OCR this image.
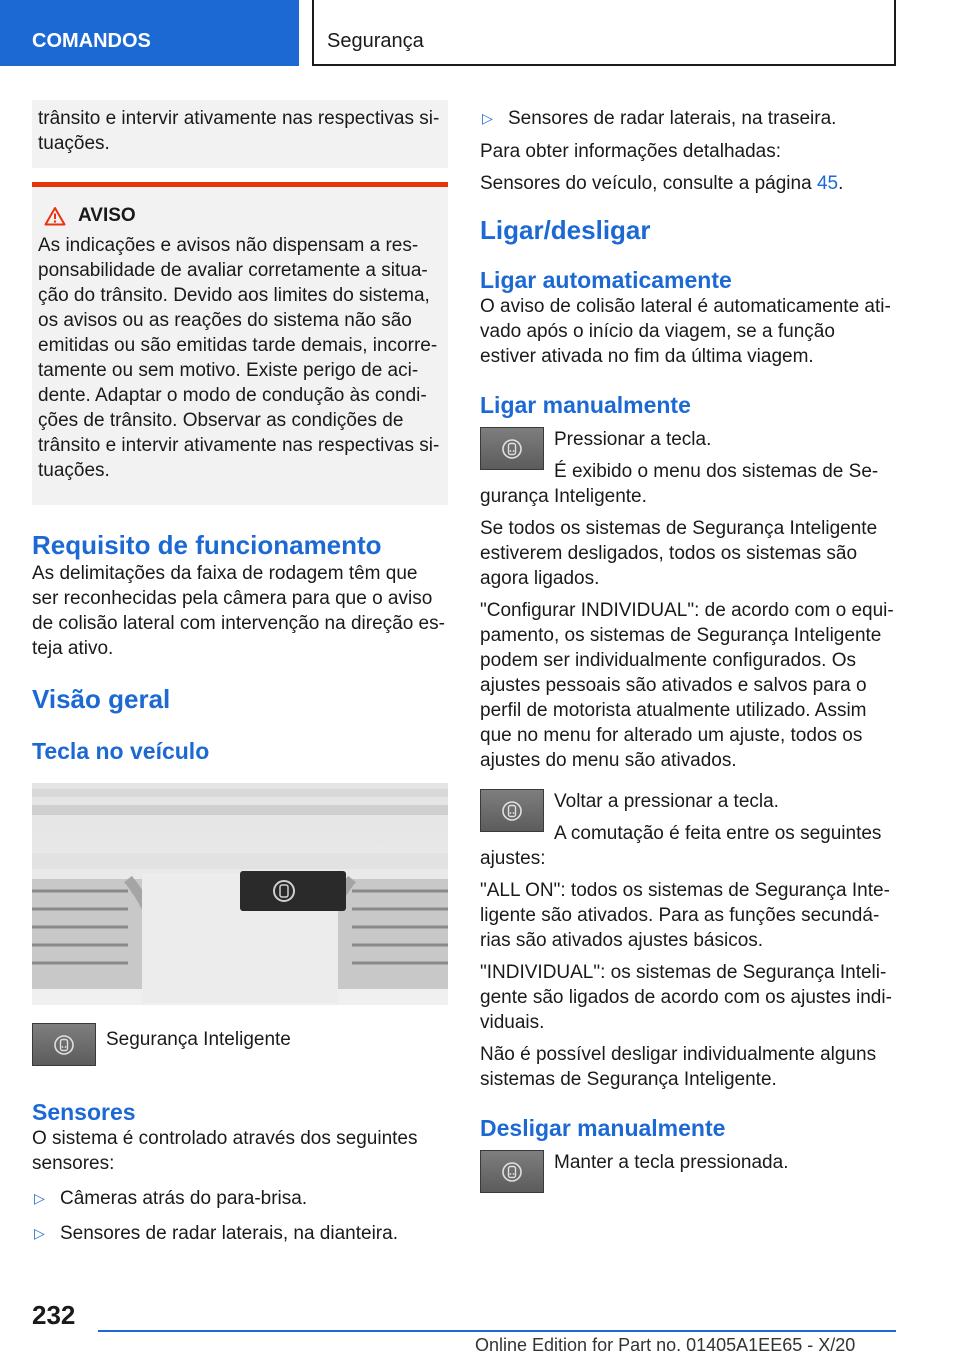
COMANDOS	Segurança

trânsito e intervir ativamente nas respectivas situações.

AVISO

As indicações e avisos não dispensam a responsabilidade de avaliar corretamente a situação do trânsito. Devido aos limites do sistema, os avisos ou as reações do sistema não são emitidas ou são emitidas tarde demais, incorretamente ou sem motivo. Existe perigo de acidente. Adaptar o modo de condução às condições de trânsito. Observar as condições de trânsito e intervir ativamente nas respectivas situações.

Requisito de funcionamento

As delimitações da faixa de rodagem têm que ser reconhecidas pela câmera para que o aviso de colisão lateral com intervenção na direção esteja ativo.

Visão geral
Tecla no veículo

Segurança Inteligente

Sensores

O sistema é controlado através dos seguintes sensores:

▷ Câmeras atrás do para-brisa.
▷ Sensores de radar laterais, na dianteira.
▷ Sensores de radar laterais, na traseira.

Para obter informações detalhadas:

Sensores do veículo, consulte a página 45.

Ligar/desligar
Ligar automaticamente

O aviso de colisão lateral é automaticamente ativado após o início da viagem, se a função estiver ativada no fim da última viagem.

Ligar manualmente

Pressionar a tecla.

É exibido o menu dos sistemas de Segurança Inteligente.

Se todos os sistemas de Segurança Inteligente estiverem desligados, todos os sistemas são agora ligados.

"Configurar INDIVIDUAL": de acordo com o equipamento, os sistemas de Segurança Inteligente podem ser individualmente configurados. Os ajustes pessoais são ativados e salvos para o perfil de motorista atualmente utilizado. Assim que no menu for alterado um ajuste, todos os ajustes do menu são ativados.

Voltar a pressionar a tecla.

A comutação é feita entre os seguintes ajustes:

"ALL ON": todos os sistemas de Segurança Inteligente são ativados. Para as funções secundárias são ativados ajustes básicos.

"INDIVIDUAL": os sistemas de Segurança Inteligente são ligados de acordo com os ajustes individuais.

Não é possível desligar individualmente alguns sistemas de Segurança Inteligente.

Desligar manualmente

Manter a tecla pressionada.

232
Online Edition for Part no. 01405A1EE65 - X/20
